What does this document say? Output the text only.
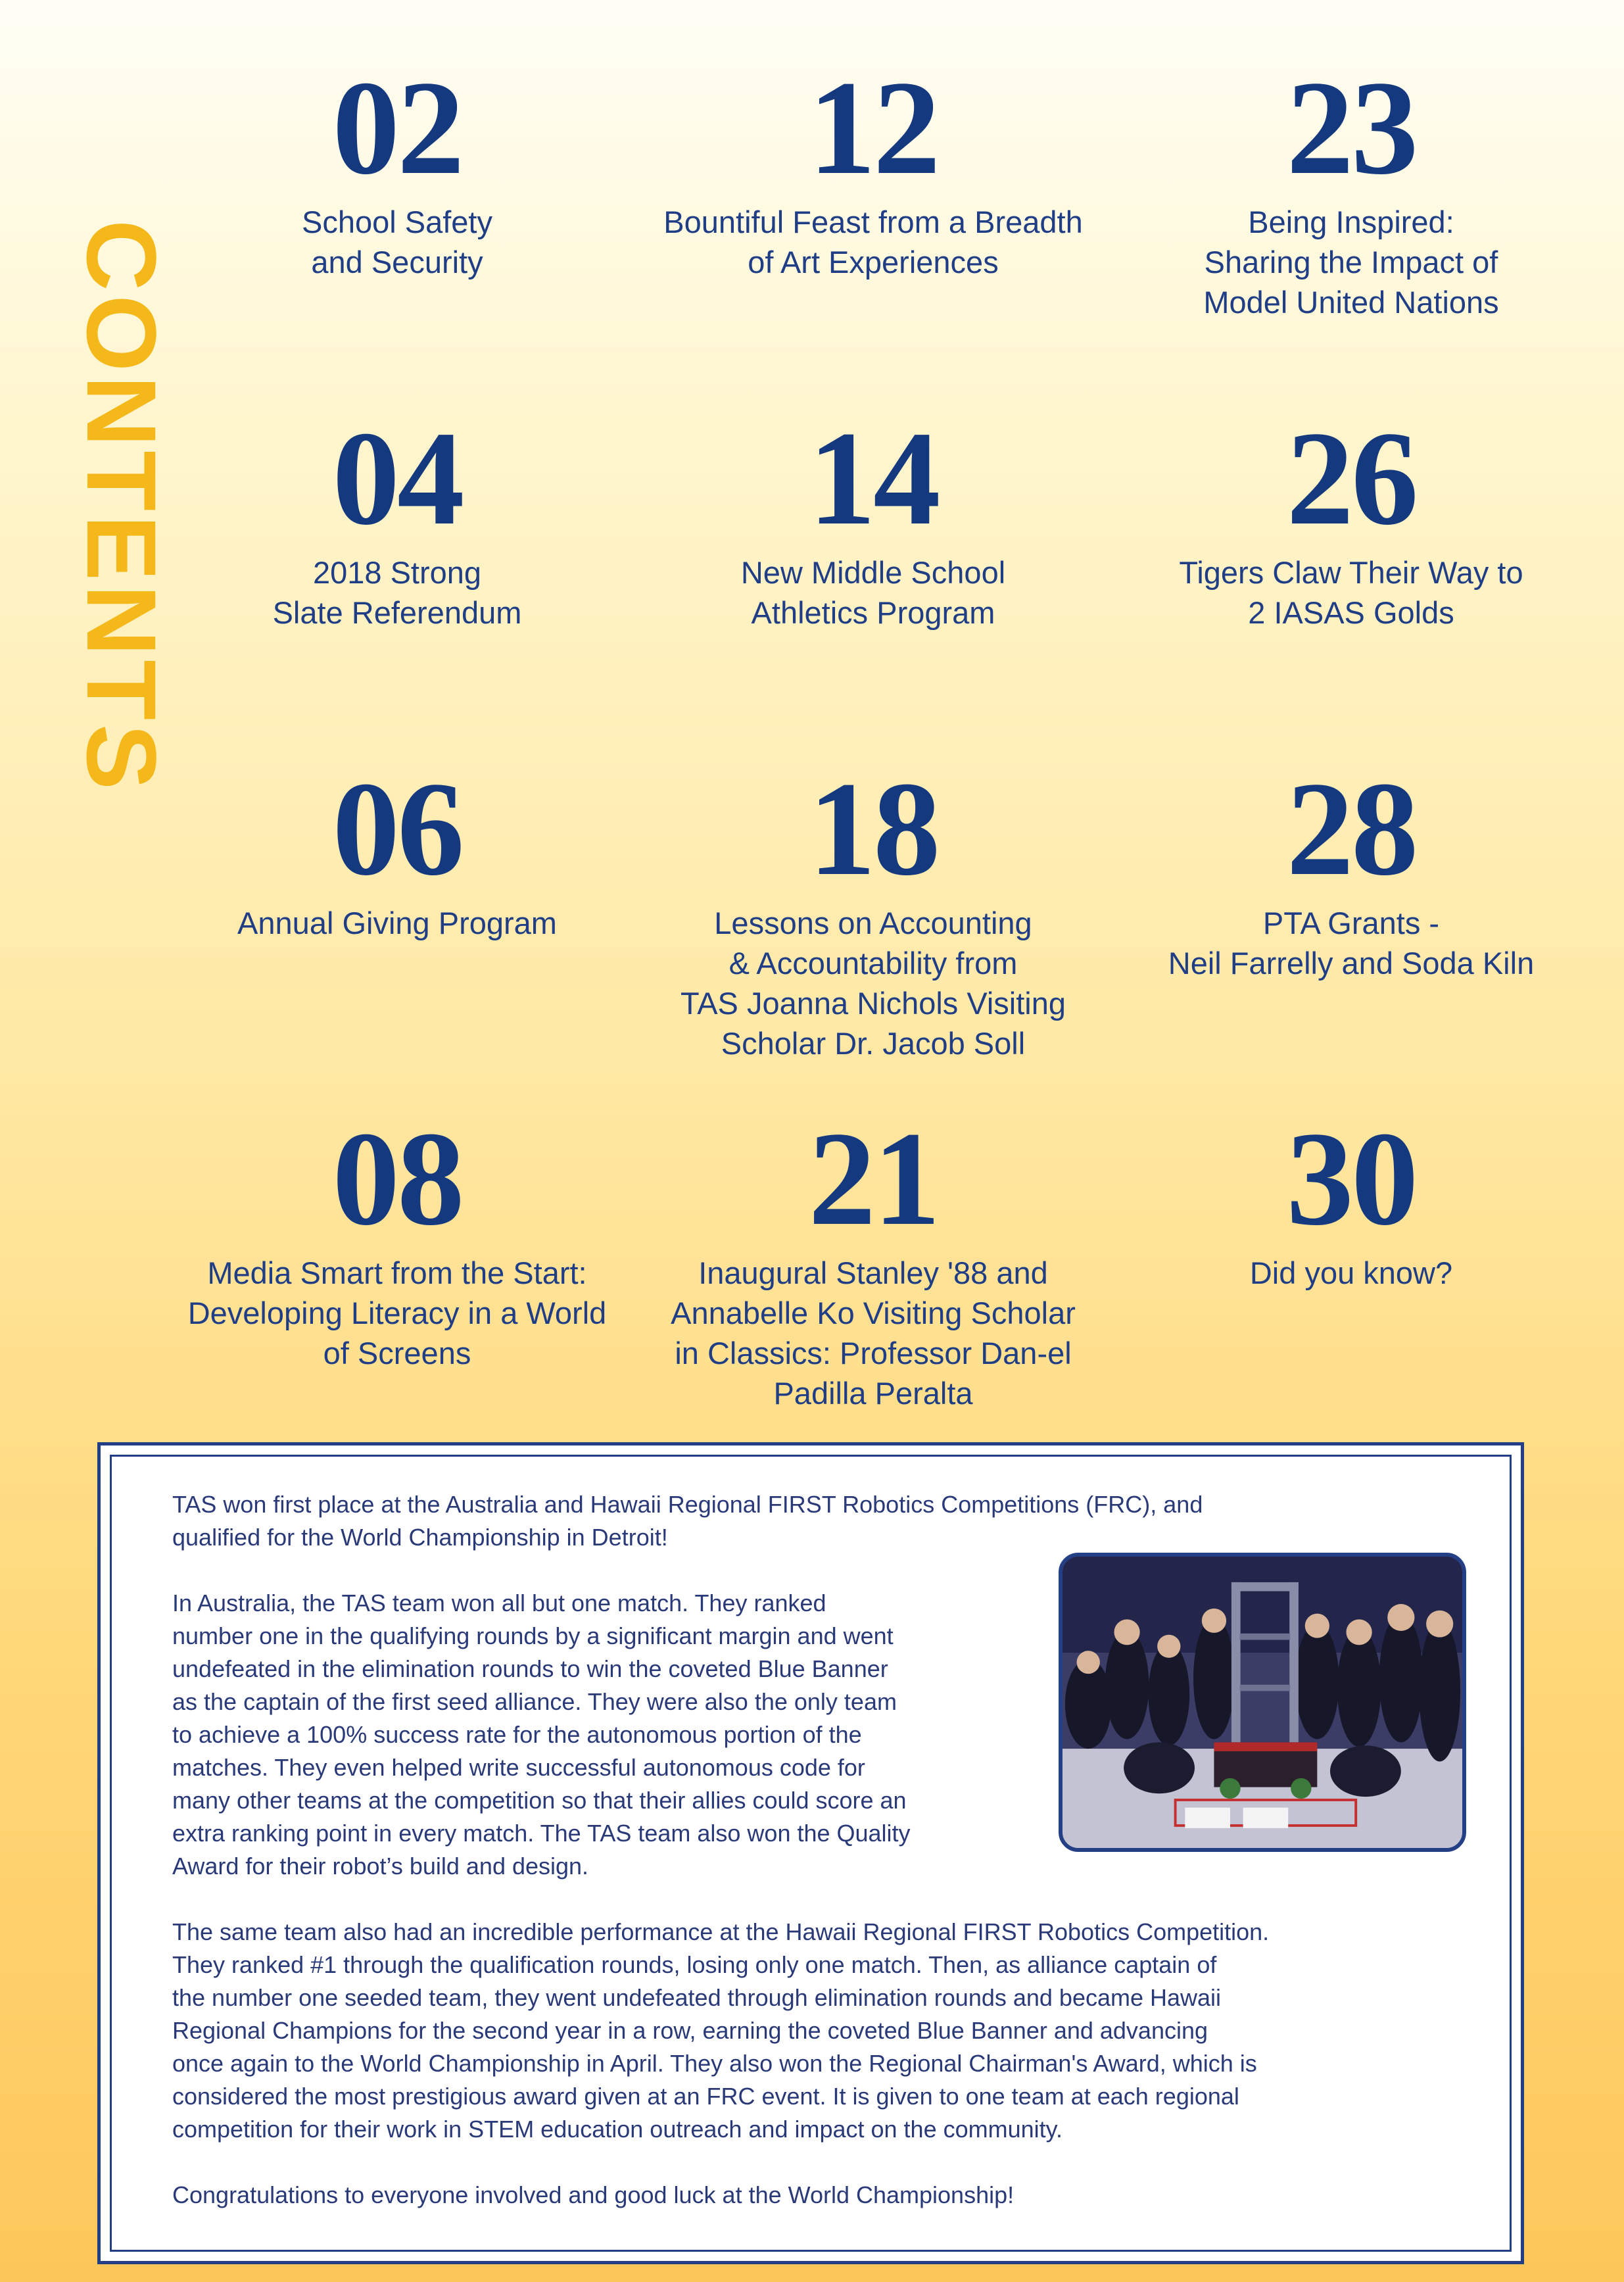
CONTENTS
02
School Safety
and Security
12
Bountiful Feast from a Breadth
of Art Experiences
23
Being Inspired:
Sharing the Impact of
Model United Nations
04
2018 Strong
Slate Referendum
14
New Middle School
Athletics Program
26
Tigers Claw Their Way to
2 IASAS Golds
06
Annual Giving Program
18
Lessons on Accounting
& Accountability from
TAS Joanna Nichols Visiting
Scholar Dr. Jacob Soll
28
PTA Grants -
Neil Farrelly and Soda Kiln
08
Media Smart from the Start:
Developing Literacy in a World
of Screens
21
Inaugural Stanley '88 and
Annabelle Ko Visiting Scholar
in Classics: Professor Dan-el
Padilla Peralta
30
Did you know?

TAS won first place at the Australia and Hawaii Regional FIRST Robotics Competitions (FRC), and
qualified for the World Championship in Detroit!

In Australia, the TAS team won all but one match. They ranked
number one in the qualifying rounds by a significant margin and went
undefeated in the elimination rounds to win the coveted Blue Banner
as the captain of the first seed alliance. They were also the only team
to achieve a 100% success rate for the autonomous portion of the
matches. They even helped write successful autonomous code for
many other teams at the competition so that their allies could score an
extra ranking point in every match. The TAS team also won the Quality
Award for their robot’s build and design.

The same team also had an incredible performance at the Hawaii Regional FIRST Robotics Competition.
They ranked #1 through the qualification rounds, losing only one match. Then, as alliance captain of
the number one seeded team, they went undefeated through elimination rounds and became Hawaii
Regional Champions for the second year in a row, earning the coveted Blue Banner and advancing
once again to the World Championship in April. They also won the Regional Chairman's Award, which is
considered the most prestigious award given at an FRC event. It is given to one team at each regional
competition for their work in STEM education outreach and impact on the community.

Congratulations to everyone involved and good luck at the World Championship!
